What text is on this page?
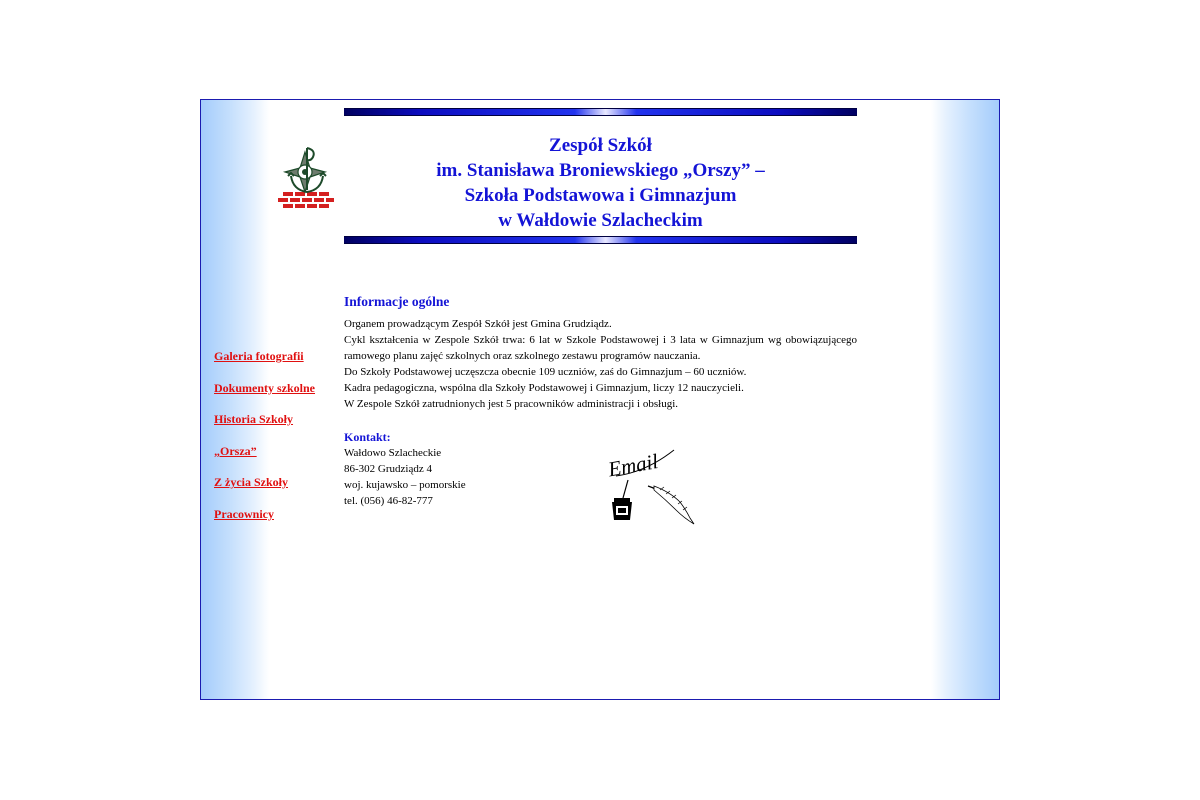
Zespół Szkół
im. Stanisława Broniewskiego „Orszy” –
Szkoła Podstawowa i Gimnazjum
w Wałdowie Szlacheckim
Galeria fotografii
Dokumenty szkolne
Historia Szkoły
„Orsza”
Z życia Szkoły
Pracownicy
Informacje ogólne

Organem prowadzącym Zespół Szkół jest Gmina Grudziądz.

Cykl kształcenia w Zespole Szkół trwa: 6 lat w Szkole Podstawowej i 3 lata w Gimnazjum wg obowiązującego ramowego planu zajęć szkolnych oraz szkolnego zestawu programów nauczania.

Do Szkoły Podstawowej uczęszcza obecnie 109 uczniów, zaś do Gimnazjum – 60 uczniów.

Kadra pedagogiczna, wspólna dla Szkoły Podstawowej i Gimnazjum, liczy 12 nauczycieli.

W Zespole Szkół zatrudnionych jest 5 pracowników administracji i obsługi.

Kontakt:
Wałdowo Szlacheckie
86-302 Grudziądz 4
woj. kujawsko – pomorskie
tel. (056) 46-82-777
Email
